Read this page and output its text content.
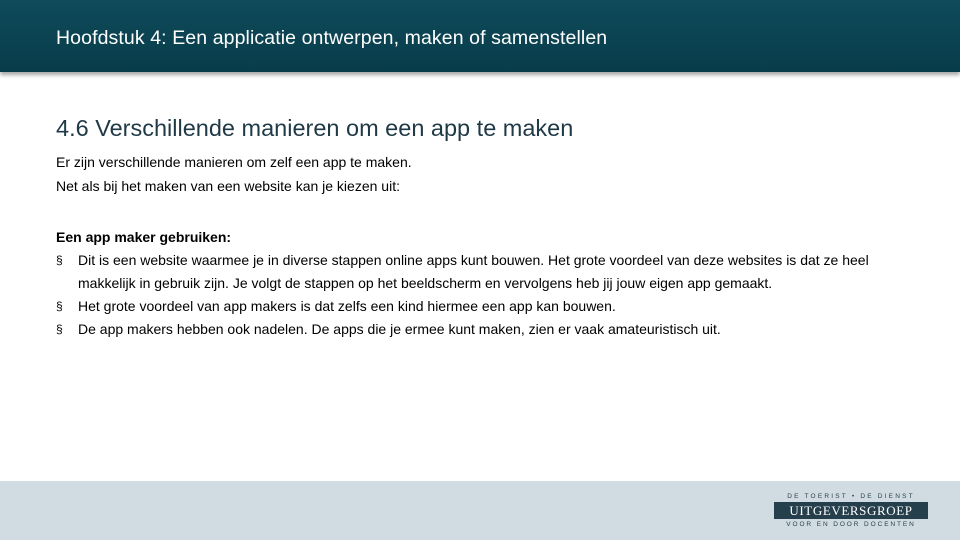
Hoofdstuk 4: Een applicatie ontwerpen, maken of samenstellen
4.6 Verschillende manieren om een app te maken
Er zijn verschillende manieren om zelf een app te maken.
Net als bij het maken van een website kan je kiezen uit:
Een app maker gebruiken:
§ Dit is een website waarmee je in diverse stappen online apps kunt bouwen. Het grote voordeel van deze websites is dat ze heel makkelijk in gebruik zijn. Je volgt de stappen op het beeldscherm en vervolgens heb jij jouw eigen app gemaakt.
§ Het grote voordeel van app makers is dat zelfs een kind hiermee een app kan bouwen.
§ De app makers hebben ook nadelen. De apps die je ermee kunt maken, zien er vaak amateuristisch uit.
DE TOERIST • DE DIENST
UITGEVERSGROEP
VOOR EN DOOR DOCENTEN
